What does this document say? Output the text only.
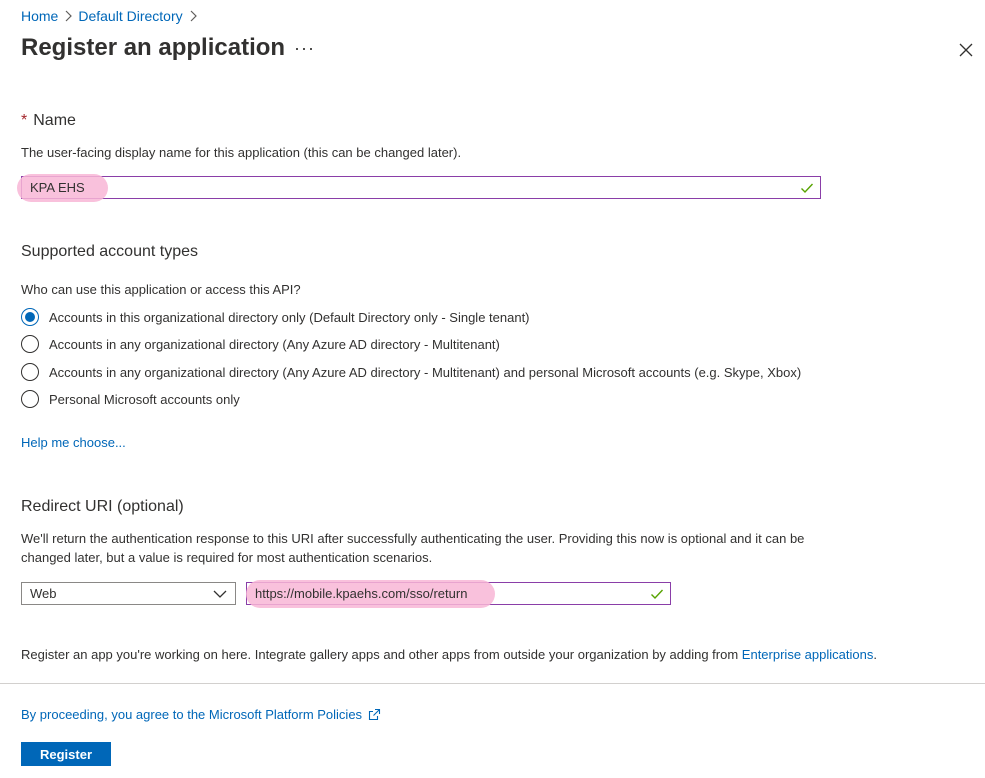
Home Default Directory
Register an application ···
* Name
The user-facing display name for this application (this can be changed later).
KPA EHS
Supported account types
Who can use this application or access this API?
Accounts in this organizational directory only (Default Directory only - Single tenant)
Accounts in any organizational directory (Any Azure AD directory - Multitenant)
Accounts in any organizational directory (Any Azure AD directory - Multitenant) and personal Microsoft accounts (e.g. Skype, Xbox)
Personal Microsoft accounts only
Help me choose...
Redirect URI (optional)
We'll return the authentication response to this URI after successfully authenticating the user. Providing this now is optional and it can be
changed later, but a value is required for most authentication scenarios.
Web	https://mobile.kpaehs.com/sso/return
Register an app you're working on here. Integrate gallery apps and other apps from outside your organization by adding from Enterprise applications.
By proceeding, you agree to the Microsoft Platform Policies
Register
